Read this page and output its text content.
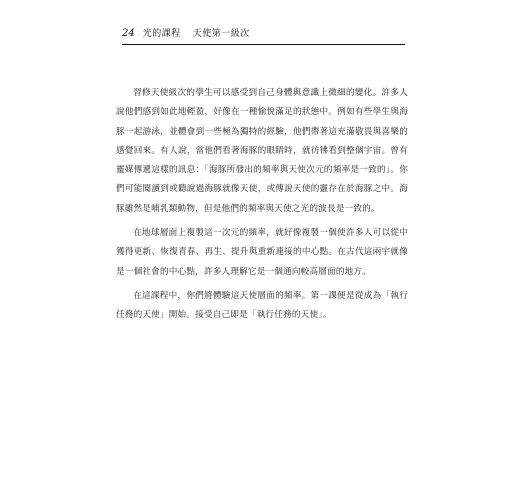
24 光的課程 天使第一級次

習修天使級次的學生可以感受到自己身體與意識上微細的變化。許多人說他們感到如此地輕盈，好像在一種愉悅滿足的狀態中。例如有些學生與海豚一起游泳，並體會到一些極為獨特的經驗，他們帶著這充滿敬畏與喜樂的感覺回來。有人說，當他們看著海豚的眼睛時，就彷彿看到整個宇宙。曾有靈媒傳遞這樣的訊息：「海豚所發出的頻率與天使次元的頻率是一致的」。你們可能閱讀到或聽說過海豚就像天使，或傳說天使的靈存在於海豚之中。海豚雖然是哺乳類動物，但是他們的頻率與天使之光的波長是一致的。

在地球層面上複製這一次元的頻率，就好像複製一個使許多人可以從中獲得更新、恢復青春、再生、提升與重新連接的中心點。在古代這兩宇就像是一個社會的中心點，許多人理解它是一個通向較高層面的地方。

在這課程中，你們將體驗這天使層面的頻率。第一課便是從成為「執行任務的天使」開始。接受自己即是「執行任務的天使」。
